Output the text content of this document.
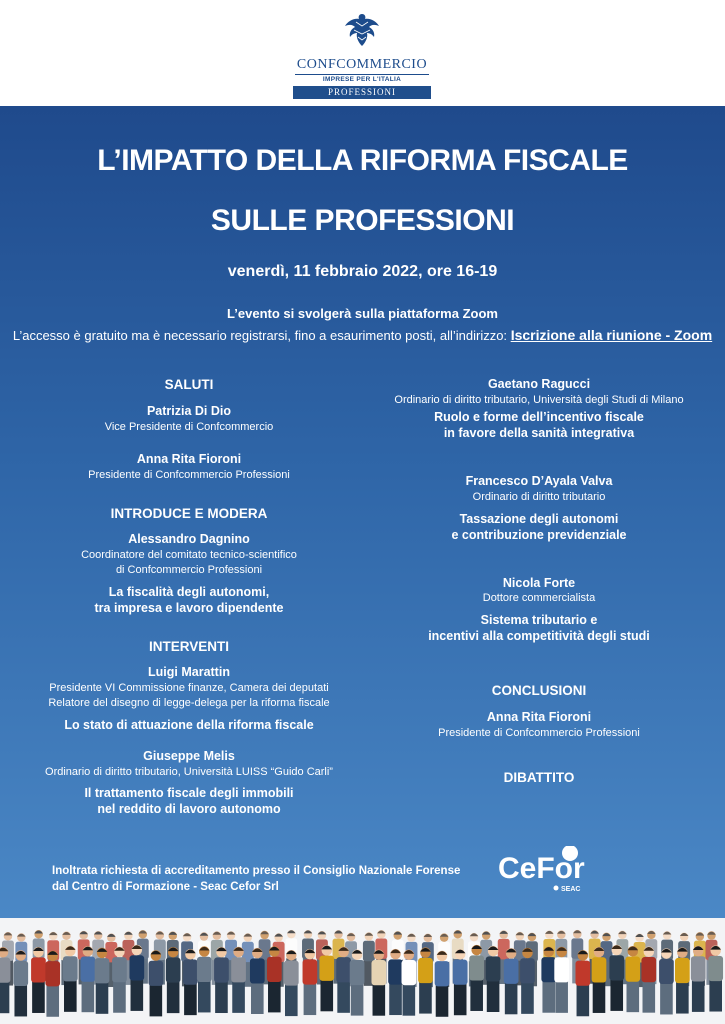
CONFCOMMERCIO
IMPRESE PER L'ITALIA
PROFESSIONI
L’IMPATTO DELLA RIFORMA FISCALE
SULLE PROFESSIONI
venerdì, 11 febbraio 2022, ore 16-19
L’evento si svolgerà sulla piattaforma Zoom
L’accesso è gratuito ma è necessario registrarsi, fino a esaurimento posti, all’indirizzo: Iscrizione alla riunione - Zoom
SALUTI
Patrizia Di Dio
Vice Presidente di Confcommercio
Anna Rita Fioroni
Presidente di Confcommercio Professioni
INTRODUCE E MODERA
Alessandro Dagnino
Coordinatore del comitato tecnico-scientifico
di Confcommercio Professioni
La fiscalità degli autonomi,
tra impresa e lavoro dipendente
INTERVENTI
Luigi Marattin
Presidente VI Commissione finanze, Camera dei deputati
Relatore del disegno di legge-delega per la riforma fiscale
Lo stato di attuazione della riforma fiscale
Giuseppe Melis
Ordinario di diritto tributario, Università LUISS “Guido Carli”
Il trattamento fiscale degli immobili
nel reddito di lavoro autonomo
Gaetano Ragucci
Ordinario di diritto tributario, Università degli Studi di Milano
Ruolo e forme dell’incentivo fiscale
in favore della sanità integrativa
Francesco D’Ayala Valva
Ordinario di diritto tributario
Tassazione degli autonomi
e contribuzione previdenziale
Nicola Forte
Dottore commercialista
Sistema tributario e
incentivi alla competitività degli studi
CONCLUSIONI
Anna Rita Fioroni
Presidente di Confcommercio Professioni
DIBATTITO
Inoltrata richiesta di accreditamento presso il Consiglio Nazionale Forense
dal Centro di Formazione - Seac Cefor Srl
CeFor
SEAC
